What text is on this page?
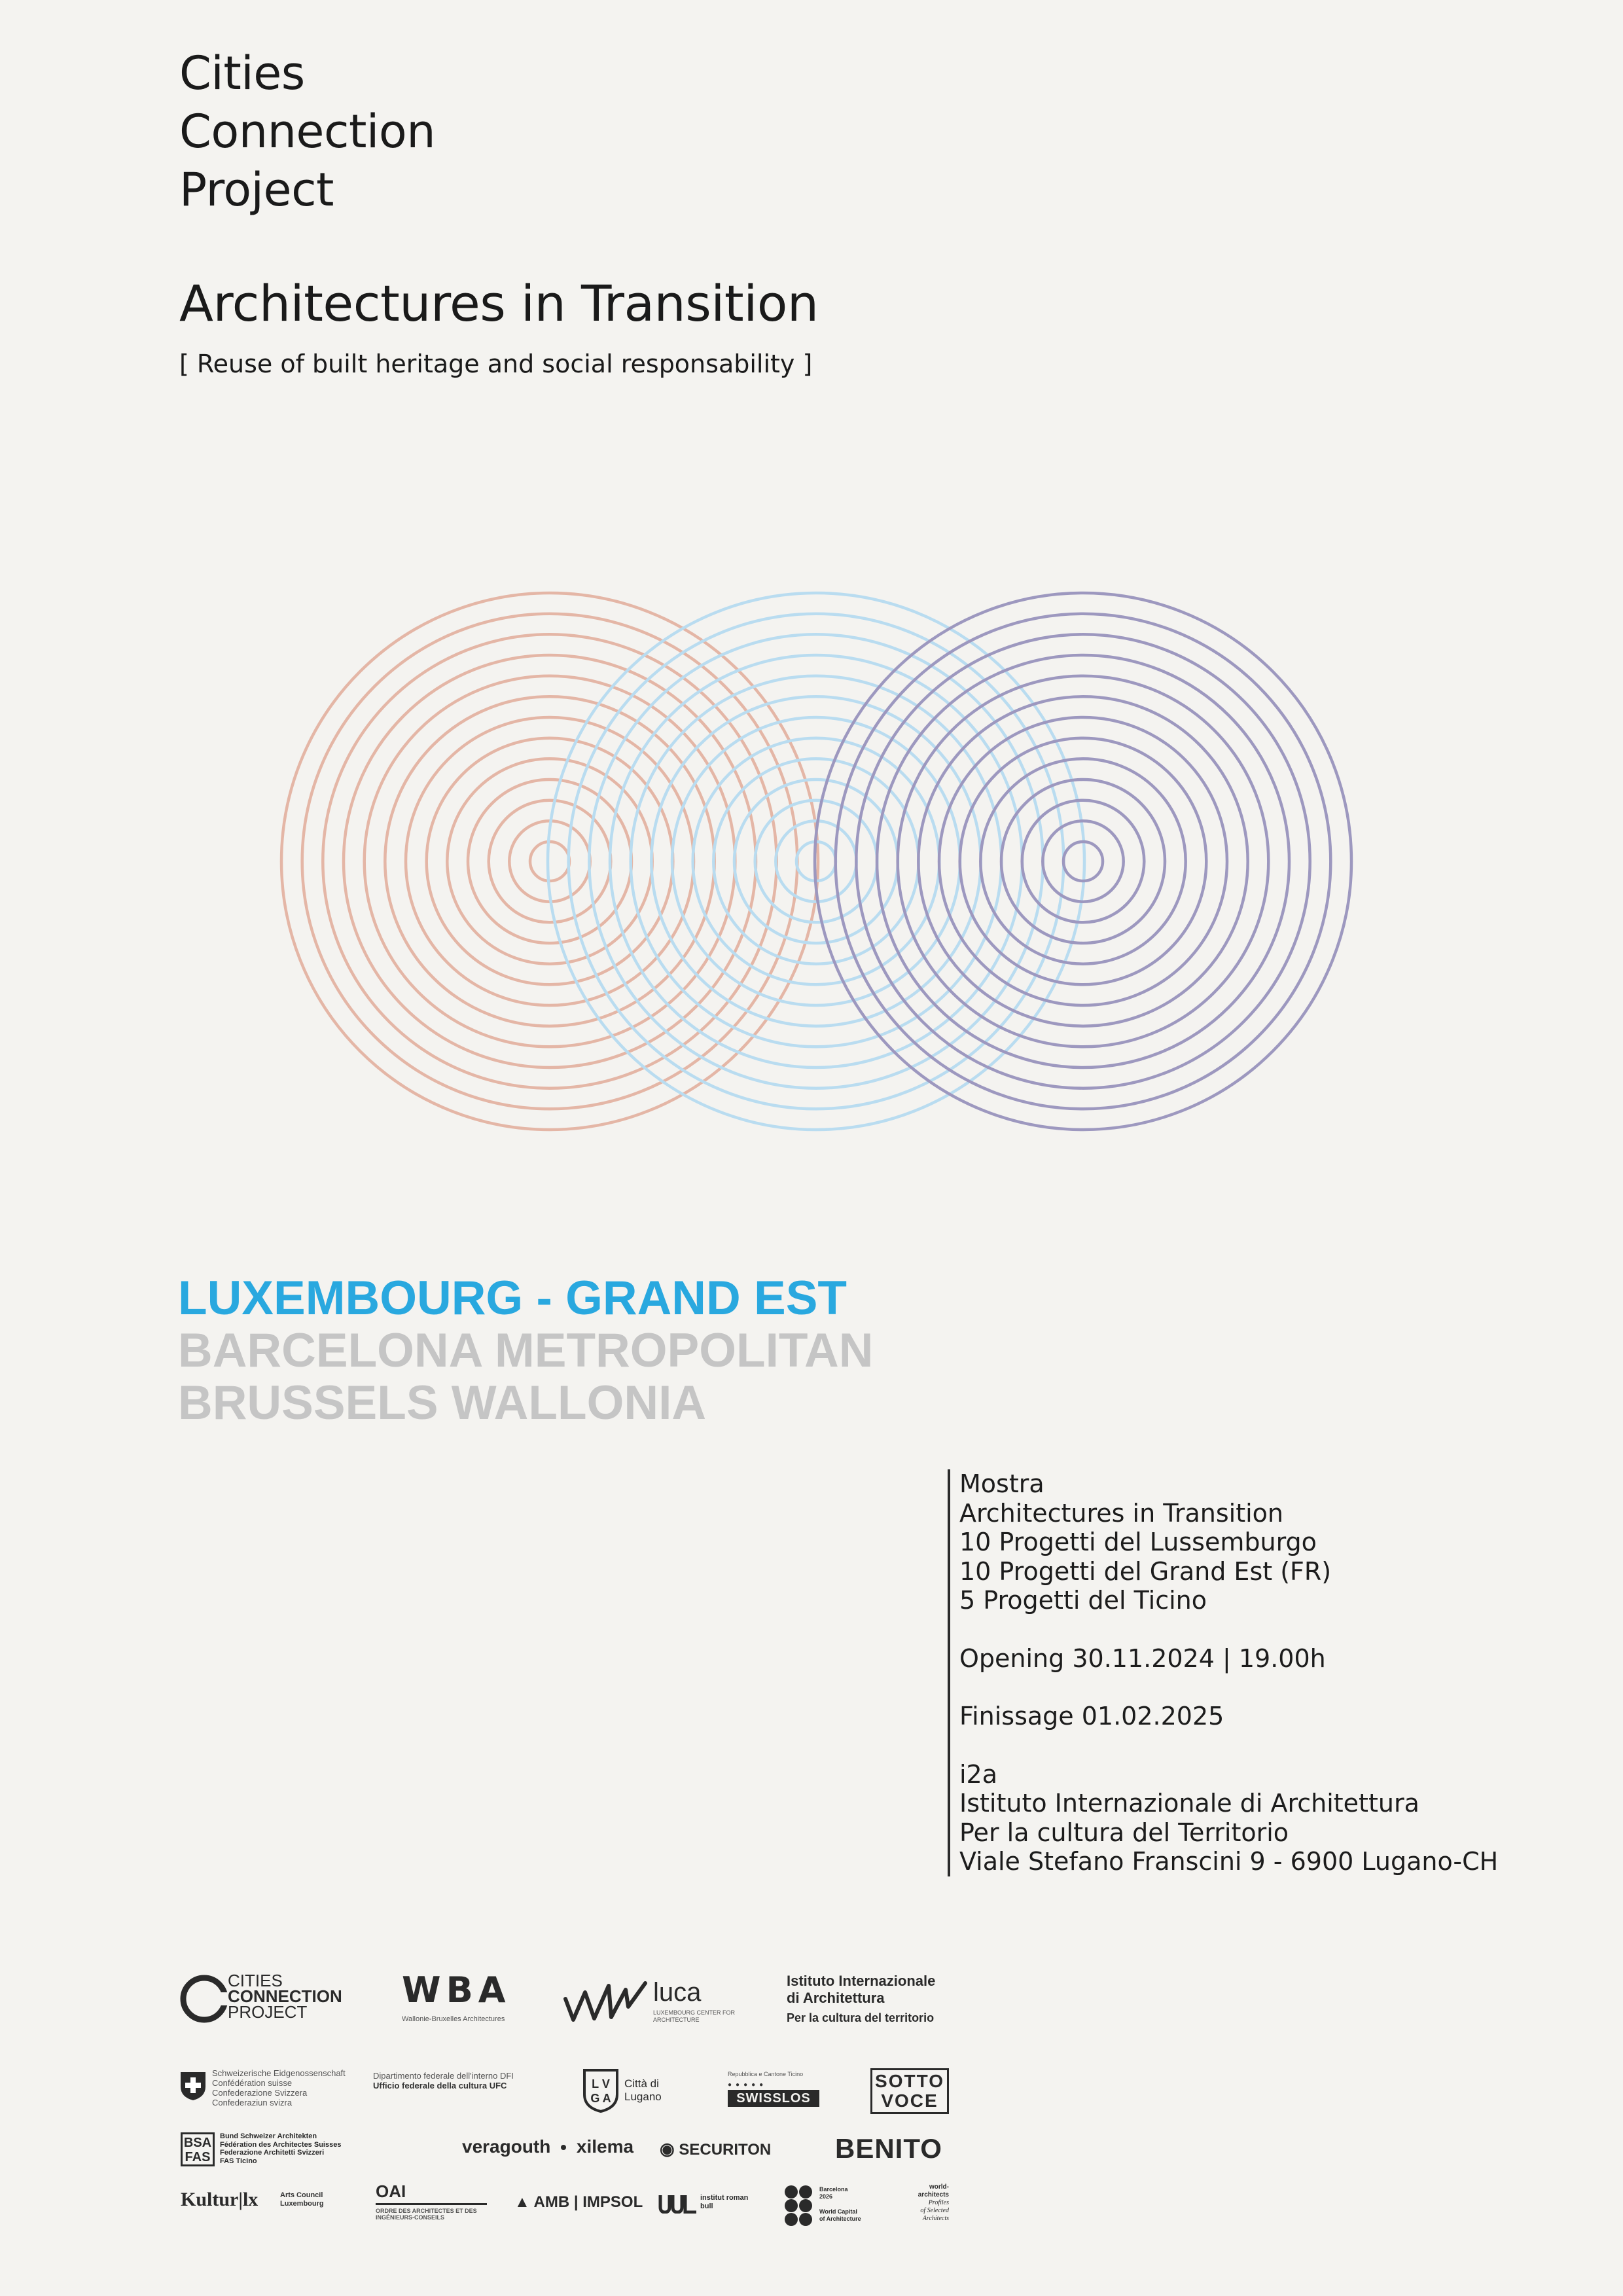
Cities
Connection
Project
Architectures in Transition
[ Reuse of built heritage and social responsability ]
LUXEMBOURG - GRAND EST
BARCELONA METROPOLITAN
BRUSSELS WALLONIA
Mostra
Architectures in Transition
10 Progetti del Lussemburgo
10 Progetti del Grand Est (FR)
5 Progetti del Ticino
Opening 30.11.2024 | 19.00h
Finissage 01.02.2025
i2a
Istituto Internazionale di Architettura
Per la cultura del Territorio
Viale Stefano Franscini 9 - 6900 Lugano-CH
CITIES
CONNECTION
PROJECT
WBA
Wallonie-Bruxelles Architectures
luca
LUXEMBOURG CENTER FOR ARCHITECTURE
Istituto Internazionale
di Architettura
Per la cultura del territorio
Schweizerische Eidgenossenschaft
Confédération suisse
Confederazione Svizzera
Confederaziun svizra
Dipartimento federale dell'interno DFI
Ufficio federale della cultura UFC	L V
G A
Città di Lugano
Repubblica e Cantone Ticino
●●●●●
SWISSLOS
SOTTO VOCE
BSA FAS
Bund Schweizer Architekten
Fédération des Architectes Suisses
Federazione Architetti Svizzeri
FAS Ticino
veragouth xilema ◉ SECURITON BENITO
Kultur|lx	Arts Council Luxembourg
OAI
ORDRE DES ARCHITECTES ET DES INGÉNIEURS-CONSEILS
▲ AMB | IMPSOL	institut roman bull
Barcelona
2026
World Capital
of Architecture
world-
architects
Profiles
of Selected
Architects
